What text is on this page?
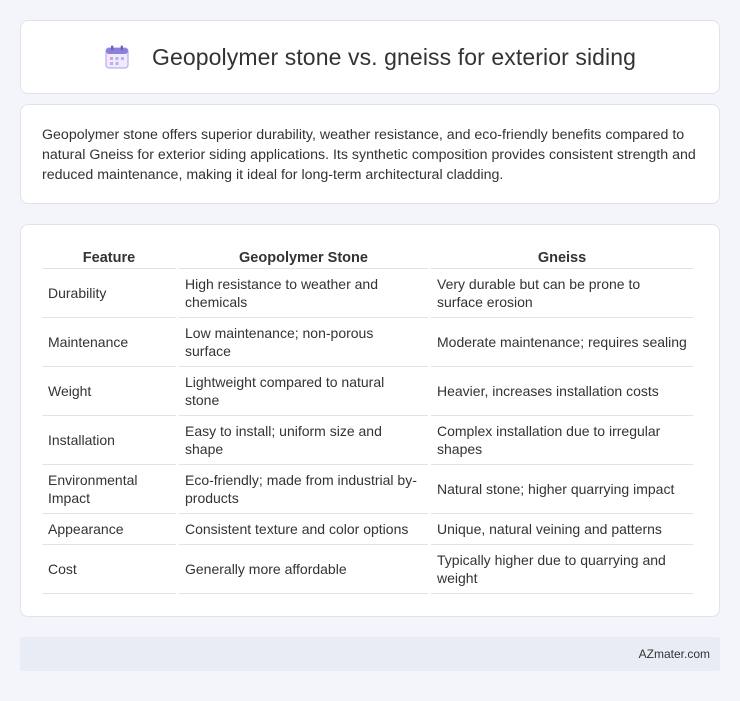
Geopolymer stone vs. gneiss for exterior siding

Geopolymer stone offers superior durability, weather resistance, and eco-friendly benefits compared to natural Gneiss for exterior siding applications. Its synthetic composition provides consistent strength and reduced maintenance, making it ideal for long-term architectural cladding.

Feature	Geopolymer Stone	Gneiss
Durability	High resistance to weather and chemicals	Very durable but can be prone to surface erosion
Maintenance	Low maintenance; non-porous surface	Moderate maintenance; requires sealing
Weight	Lightweight compared to natural stone	Heavier, increases installation costs
Installation	Easy to install; uniform size and shape	Complex installation due to irregular shapes
Environmental Impact	Eco-friendly; made from industrial by-products	Natural stone; higher quarrying impact
Appearance	Consistent texture and color options	Unique, natural veining and patterns
Cost	Generally more affordable	Typically higher due to quarrying and weight
AZmater.com
